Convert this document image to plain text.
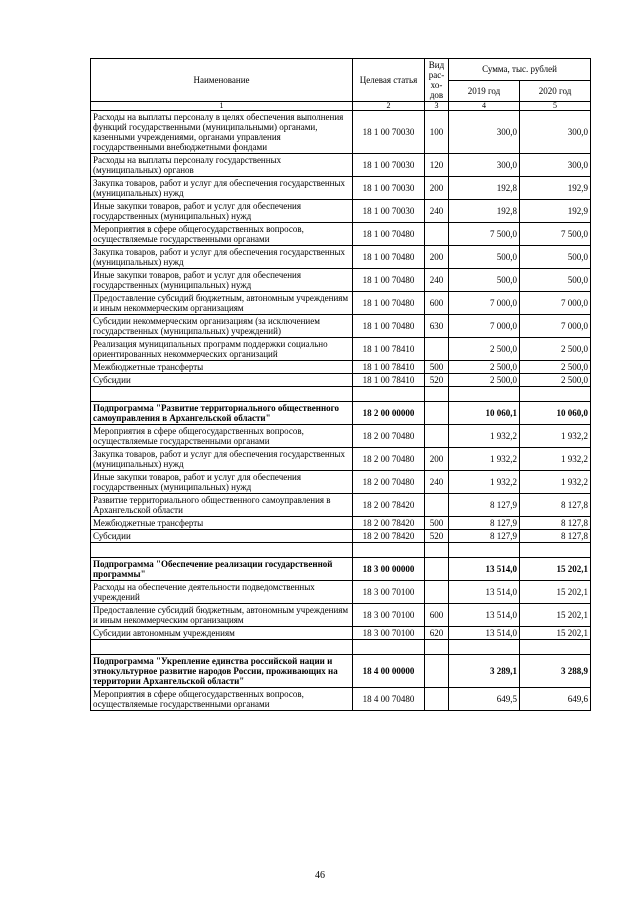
Наименование	Целевая статья	Вид рас-хо-дов	Сумма, тыс. рублей	
			2019 год	2020 год
1	2	3	4	5
Расходы на выплаты персоналу в целях обеспечения выполнения функций государственными (муниципальными) органами, казенными учреждениями, органами управления государственными внебюджетными фондами	18 1 00 70030	100	300,0	300,0
Расходы на выплаты персоналу государственных (муниципальных) органов	18 1 00 70030	120	300,0	300,0
Закупка товаров, работ и услуг для обеспечения государственных (муниципальных) нужд	18 1 00 70030	200	192,8	192,9
Иные закупки товаров, работ и услуг для обеспечения государственных (муниципальных) нужд	18 1 00 70030	240	192,8	192,9
Мероприятия в сфере общегосударственных вопросов, осуществляемые государственными органами	18 1 00 70480		7 500,0	7 500,0
Закупка товаров, работ и услуг для обеспечения государственных (муниципальных) нужд	18 1 00 70480	200	500,0	500,0
Иные закупки товаров, работ и услуг для обеспечения государственных (муниципальных) нужд	18 1 00 70480	240	500,0	500,0
Предоставление субсидий бюджетным, автономным учреждениям и иным некоммерческим организациям	18 1 00 70480	600	7 000,0	7 000,0
Субсидии некоммерческим организациям (за исключением государственных (муниципальных) учреждений)	18 1 00 70480	630	7 000,0	7 000,0
Реализация муниципальных программ поддержки социально ориентированных некоммерческих организаций	18 1 00 78410		2 500,0	2 500,0
Межбюджетные трансферты	18 1 00 78410	500	2 500,0	2 500,0
Субсидии	18 1 00 78410	520	2 500,0	2 500,0

Подпрограмма "Развитие территориального общественного самоуправления в Архангельской области"	18 2 00 00000		10 060,1	10 060,0
Мероприятия в сфере общегосударственных вопросов, осуществляемые государственными органами	18 2 00 70480		1 932,2	1 932,2
Закупка товаров, работ и услуг для обеспечения государственных (муниципальных) нужд	18 2 00 70480	200	1 932,2	1 932,2
Иные закупки товаров, работ и услуг для обеспечения государственных (муниципальных) нужд	18 2 00 70480	240	1 932,2	1 932,2
Развитие территориального общественного самоуправления в Архангельской области	18 2 00 78420		8 127,9	8 127,8
Межбюджетные трансферты	18 2 00 78420	500	8 127,9	8 127,8
Субсидии	18 2 00 78420	520	8 127,9	8 127,8

Подпрограмма "Обеспечение реализации государственной программы"	18 3 00 00000		13 514,0	15 202,1
Расходы на обеспечение деятельности подведомственных учреждений	18 3 00 70100		13 514,0	15 202,1
Предоставление субсидий бюджетным, автономным учреждениям и иным некоммерческим организациям	18 3 00 70100	600	13 514,0	15 202,1
Субсидии автономным учреждениям	18 3 00 70100	620	13 514,0	15 202,1

Подпрограмма "Укрепление единства российской нации и этнокультурное развитие народов России, проживающих на территории Архангельской области"	18 4 00 00000		3 289,1	3 288,9
Мероприятия в сфере общегосударственных вопросов, осуществляемые государственными органами	18 4 00 70480		649,5	649,6
46
